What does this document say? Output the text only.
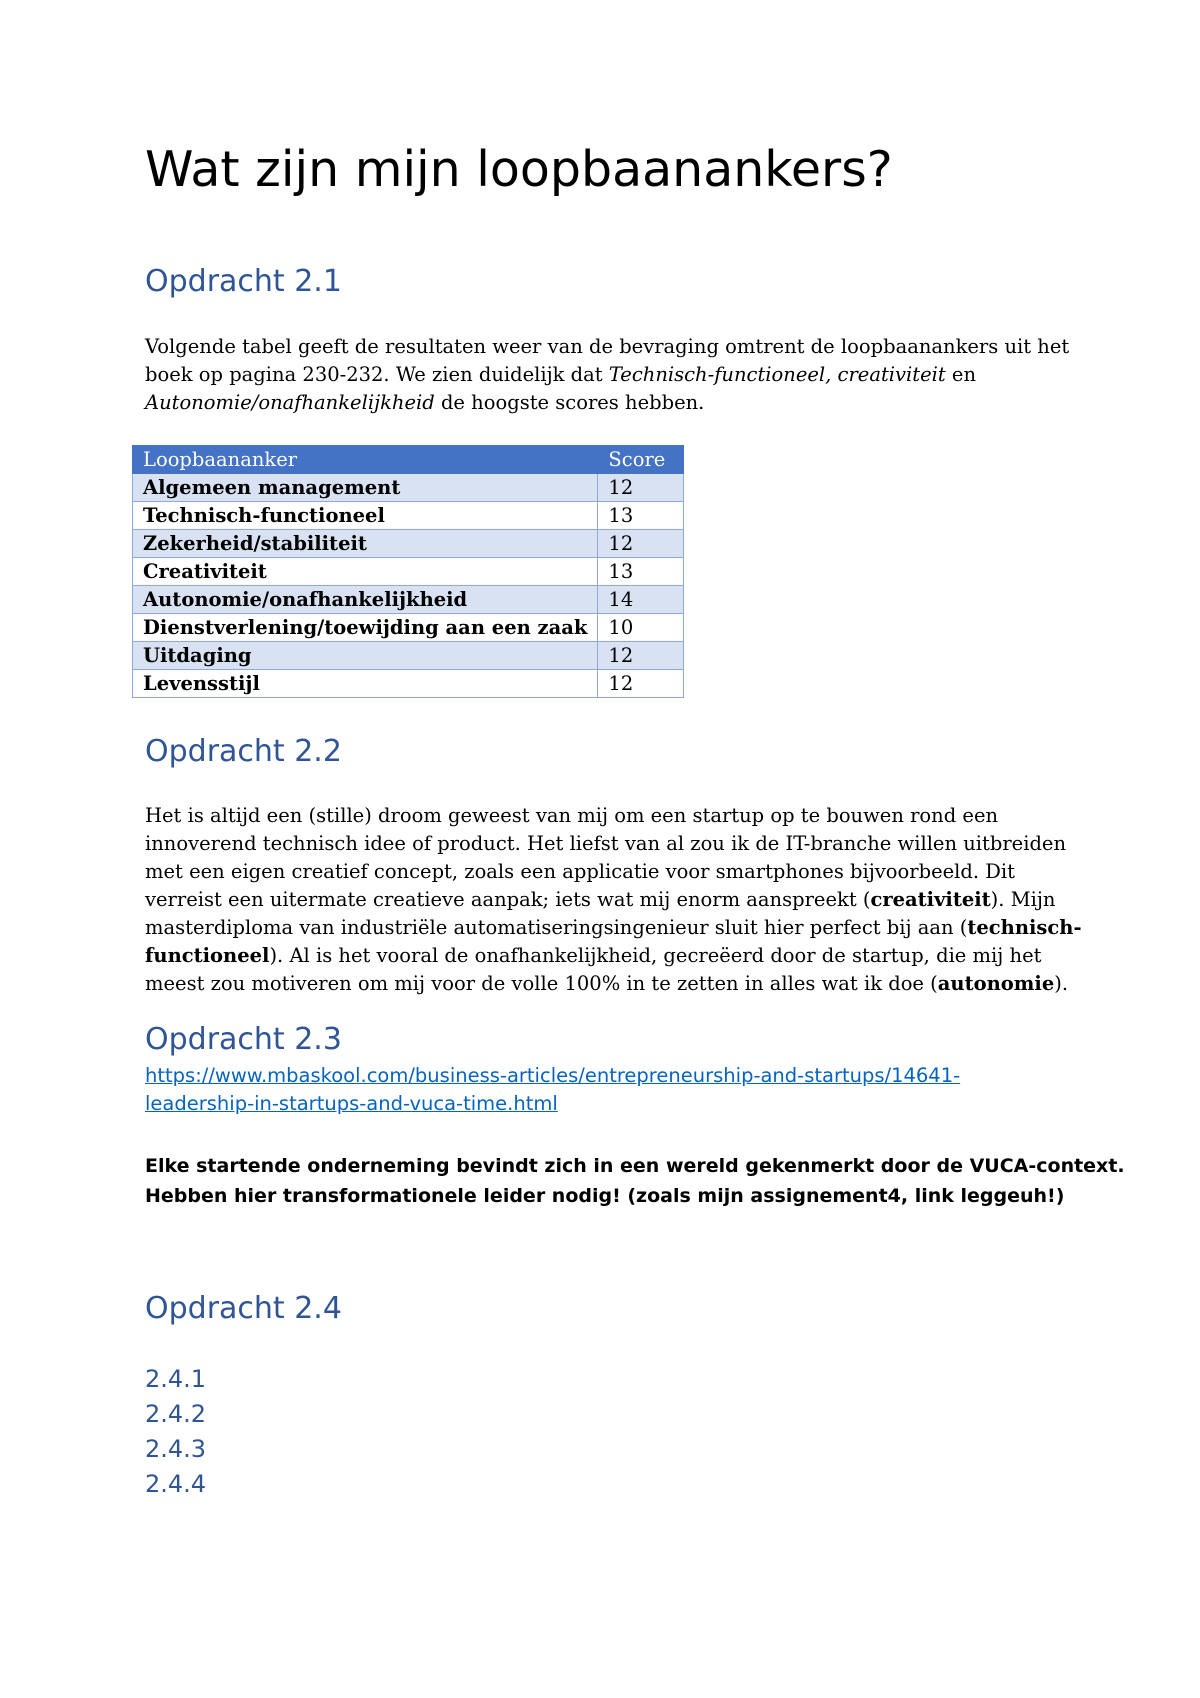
Wat zijn mijn loopbaanankers?
Opdracht 2.1

Volgende tabel geeft de resultaten weer van de bevraging omtrent de loopbaanankers uit het
boek op pagina 230-232. We zien duidelijk dat Technisch-functioneel, creativiteit en
Autonomie/onafhankelijkheid de hoogste scores hebben.

Loopbaananker	Score
Algemeen management	12
Technisch-functioneel	13
Zekerheid/stabiliteit	12
Creativiteit	13
Autonomie/onafhankelijkheid	14
Dienstverlening/toewijding aan een zaak	10
Uitdaging	12
Levensstijl	12
Opdracht 2.2

Het is altijd een (stille) droom geweest van mij om een startup op te bouwen rond een
innoverend technisch idee of product. Het liefst van al zou ik de IT-branche willen uitbreiden
met een eigen creatief concept, zoals een applicatie voor smartphones bijvoorbeeld. Dit
verreist een uitermate creatieve aanpak; iets wat mij enorm aanspreekt (creativiteit). Mijn
masterdiploma van industriële automatiseringsingenieur sluit hier perfect bij aan (technisch-
functioneel). Al is het vooral de onafhankelijkheid, gecreëerd door de startup, die mij het
meest zou motiveren om mij voor de volle 100% in te zetten in alles wat ik doe (autonomie).

Opdracht 2.3
https://www.mbaskool.com/business-articles/entrepreneurship-and-startups/14641-
leadership-in-startups-and-vuca-time.html

Elke startende onderneming bevindt zich in een wereld gekenmerkt door de VUCA-context.
Hebben hier transformationele leider nodig! (zoals mijn assignement4, link leggeuh!)

Opdracht 2.4
2.4.1
2.4.2
2.4.3
2.4.4
